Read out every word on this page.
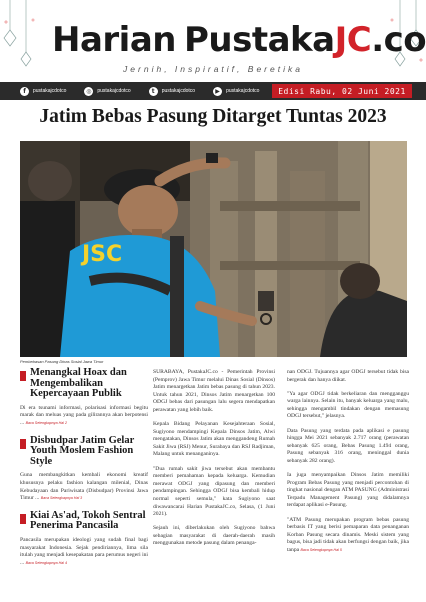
Harian Pustaka JC .co
Jernih, Inspiratif, Beretika
f	pustakajcdotco	◎	pustakajcdotco	t	pustakajcdotco	▶	pustakajcdotco	Edisi Rabu, 02 Juni 2021
Jatim Bebas Pasung Ditarget Tuntas 2023
JSC
Pembebasan Pasung Dinas Sosial Jawa Timur
Menangkal Hoax dan Mengembalikan Kepercayaan Publik

Di era tsunami informasi, polarisasi informasi begitu marak dan meluas yang pada gilirannya akan berpotensi ... Baca Selengkapnya Hal 2

Disbudpar Jatim Gelar Youth Moslem Fashion Style

Guna membangkitkan kembali ekonomi kreatif khususnya pelaku fashion kalangan milenial, Dinas Kebudayaan dan Pariwisata (Disbudpar) Provinsi Jawa Timur ... Baca Selengkapnya Hal 3

Kiai As'ad, Tokoh Sentral Penerima Pancasila

Pancasila merupakan ideologi yang sudah final bagi masyarakat Indonesia. Sejak pendiriannya, lima sila itulah yang menjadi kesepakatan para perumus negeri ini ... Baca Selengkapnya Hal 4

SURABAYA, PustakaJC.co - Pemerintah Provinsi (Pemprov) Jawa Timur melalui Dinas Sosial (Dinsos) Jatim menargetkan Jatim bebas pasung di tahun 2023. Untuk tahun 2021, Dinsos Jatim menargetkan 100 ODGJ bebas dari pasungan lalu segera mendapatkan perawatan yang lebih baik.

Kepala Bidang Pelayanan Kesejahteraan Sosial, Sugiyono mendampingi Kepala Dinsos Jatim, Alwi mengatakan, Dinsos Jatim akan menggandeng Rumah Sakit Jiwa (RSJ) Menur, Surabaya dan RSJ Radjiman, Malang untuk menanganinya.

"Dua rumah sakit jiwa tersebut akan membantu memberi pemahaman kepada keluarga. Kemudian merawat ODGJ yang dipasung dan memberi pendampingan. Sehingga ODGJ bisa kembali hidup normal seperti semula," kata Sugiyono saat diwawancarai Harian PustakaJC.co, Selasa, (1 Juni 2021).

Sejauh ini, diberlakukan oleh Sugiyono bahwa sebagian masyarakat di daerah-daerah masih menggunakan metode pasung dalam penanga-

nan ODGJ. Tujuannya agar ODGJ tersebut tidak bisa bergerak dan hanya diikat.

"Ya agar ODGJ tidak berkeliaran dan mengganggu warga lainnya. Selain itu, banyak keluarga yang malu, sehingga mengambil tindakan dengan memasung ODGJ tersebut," jelasnya.

Data Pasung yang terdata pada aplikasi e pasung hingga Mei 2021 sebanyak 2.717 orang (perawatan sebanyak 625 orang, Bebas Pasung 1.494 orang, Pasung sebanyak 316 orang, meninggal dunia sebanyak 282 orang).

Ia juga menyampaikan Dinsos Jatim memiliki Program Bebas Pasung yang menjadi percontohan di tingkat nasional dengan ATM PASUNG (Administrasi Terpadu Management Pasung) yang didalamnya terdapat aplikasi e-Pasung.

"ATM Pasung merupakan program bebas pasung berbasis IT yang berisi pemaparan data penanganan Korban Pasung secara dinamis. Meski sistem yang bagus, bisa jadi tidak akan berfungsi dengan baik, jika tanpa Baca Selengkapnya Hal 5
